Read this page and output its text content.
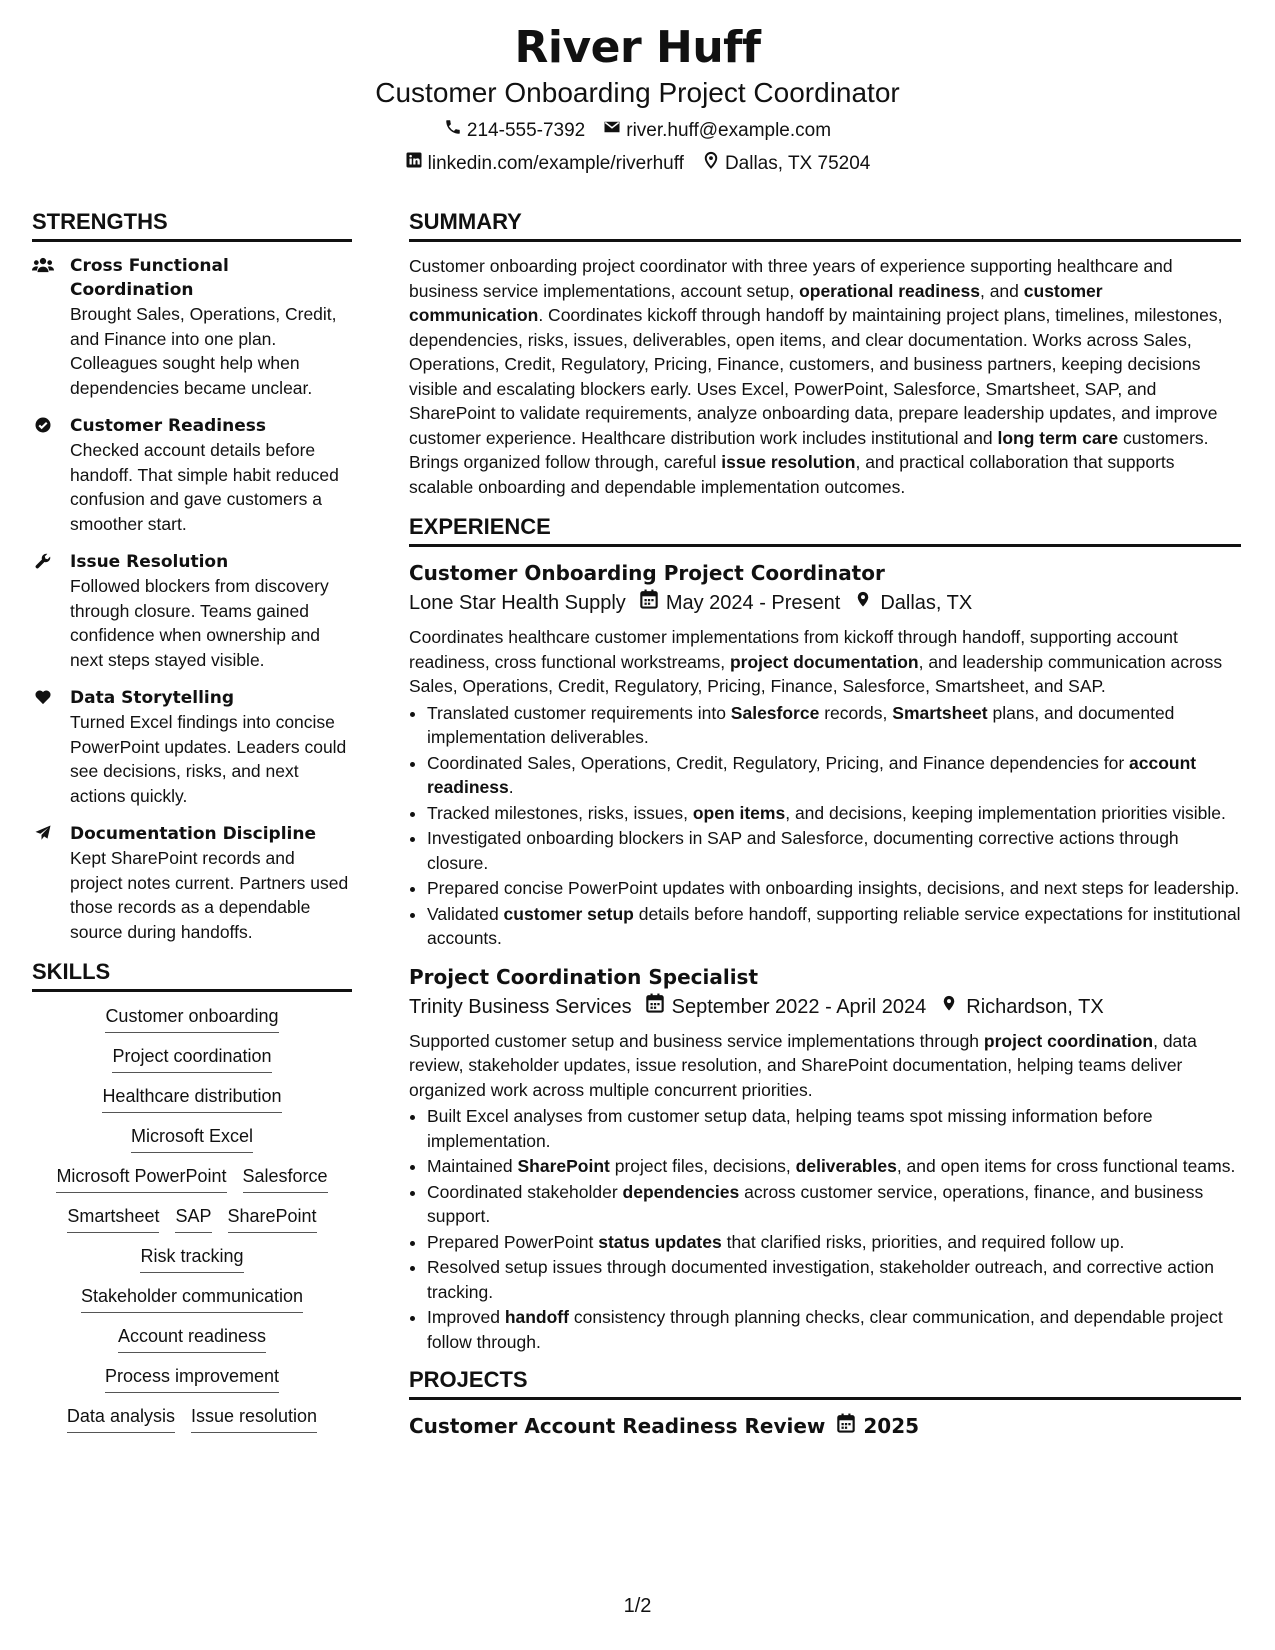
River Huff
Customer Onboarding Project Coordinator
214-555-7392 river.huff@example.com
linkedin.com/example/riverhuff Dallas, TX 75204
STRENGTHS
Cross Functional Coordination
Brought Sales, Operations, Credit, and Finance into one plan. Colleagues sought help when dependencies became unclear.
Customer Readiness
Checked account details before handoff. That simple habit reduced confusion and gave customers a smoother start.
Issue Resolution
Followed blockers from discovery through closure. Teams gained confidence when ownership and next steps stayed visible.
Data Storytelling
Turned Excel findings into concise PowerPoint updates. Leaders could see decisions, risks, and next actions quickly.
Documentation Discipline
Kept SharePoint records and project notes current. Partners used those records as a dependable source during handoffs.
SKILLS
Customer onboarding
Project coordination
Healthcare distribution
Microsoft Excel
Microsoft PowerPoint Salesforce
Smartsheet SAP SharePoint
Risk tracking
Stakeholder communication
Account readiness
Process improvement
Data analysis Issue resolution
SUMMARY

Customer onboarding project coordinator with three years of experience supporting healthcare and business service implementations, account setup, operational readiness, and customer communication. Coordinates kickoff through handoff by maintaining project plans, timelines, milestones, dependencies, risks, issues, deliverables, open items, and clear documentation. Works across Sales, Operations, Credit, Regulatory, Pricing, Finance, customers, and business partners, keeping decisions visible and escalating blockers early. Uses Excel, PowerPoint, Salesforce, Smartsheet, SAP, and SharePoint to validate requirements, analyze onboarding data, prepare leadership updates, and improve customer experience. Healthcare distribution work includes institutional and long term care customers. Brings organized follow through, careful issue resolution, and practical collaboration that supports scalable onboarding and dependable implementation outcomes.

EXPERIENCE
Customer Onboarding Project Coordinator
Lone Star Health Supply May 2024 - Present Dallas, TX
Coordinates healthcare customer implementations from kickoff through handoff, supporting account readiness, cross functional workstreams, project documentation, and leadership communication across Sales, Operations, Credit, Regulatory, Pricing, Finance, Salesforce, Smartsheet, and SAP.
• Translated customer requirements into Salesforce records, Smartsheet plans, and documented implementation deliverables.
• Coordinated Sales, Operations, Credit, Regulatory, Pricing, and Finance dependencies for account readiness.
• Tracked milestones, risks, issues, open items, and decisions, keeping implementation priorities visible.
• Investigated onboarding blockers in SAP and Salesforce, documenting corrective actions through closure.
• Prepared concise PowerPoint updates with onboarding insights, decisions, and next steps for leadership.
• Validated customer setup details before handoff, supporting reliable service expectations for institutional accounts.
Project Coordination Specialist
Trinity Business Services September 2022 - April 2024 Richardson, TX
Supported customer setup and business service implementations through project coordination, data review, stakeholder updates, issue resolution, and SharePoint documentation, helping teams deliver organized work across multiple concurrent priorities.
• Built Excel analyses from customer setup data, helping teams spot missing information before implementation.
• Maintained SharePoint project files, decisions, deliverables, and open items for cross functional teams.
• Coordinated stakeholder dependencies across customer service, operations, finance, and business support.
• Prepared PowerPoint status updates that clarified risks, priorities, and required follow up.
• Resolved setup issues through documented investigation, stakeholder outreach, and corrective action tracking.
• Improved handoff consistency through planning checks, clear communication, and dependable project follow through.
PROJECTS
Customer Account Readiness Review 2025
1/2
